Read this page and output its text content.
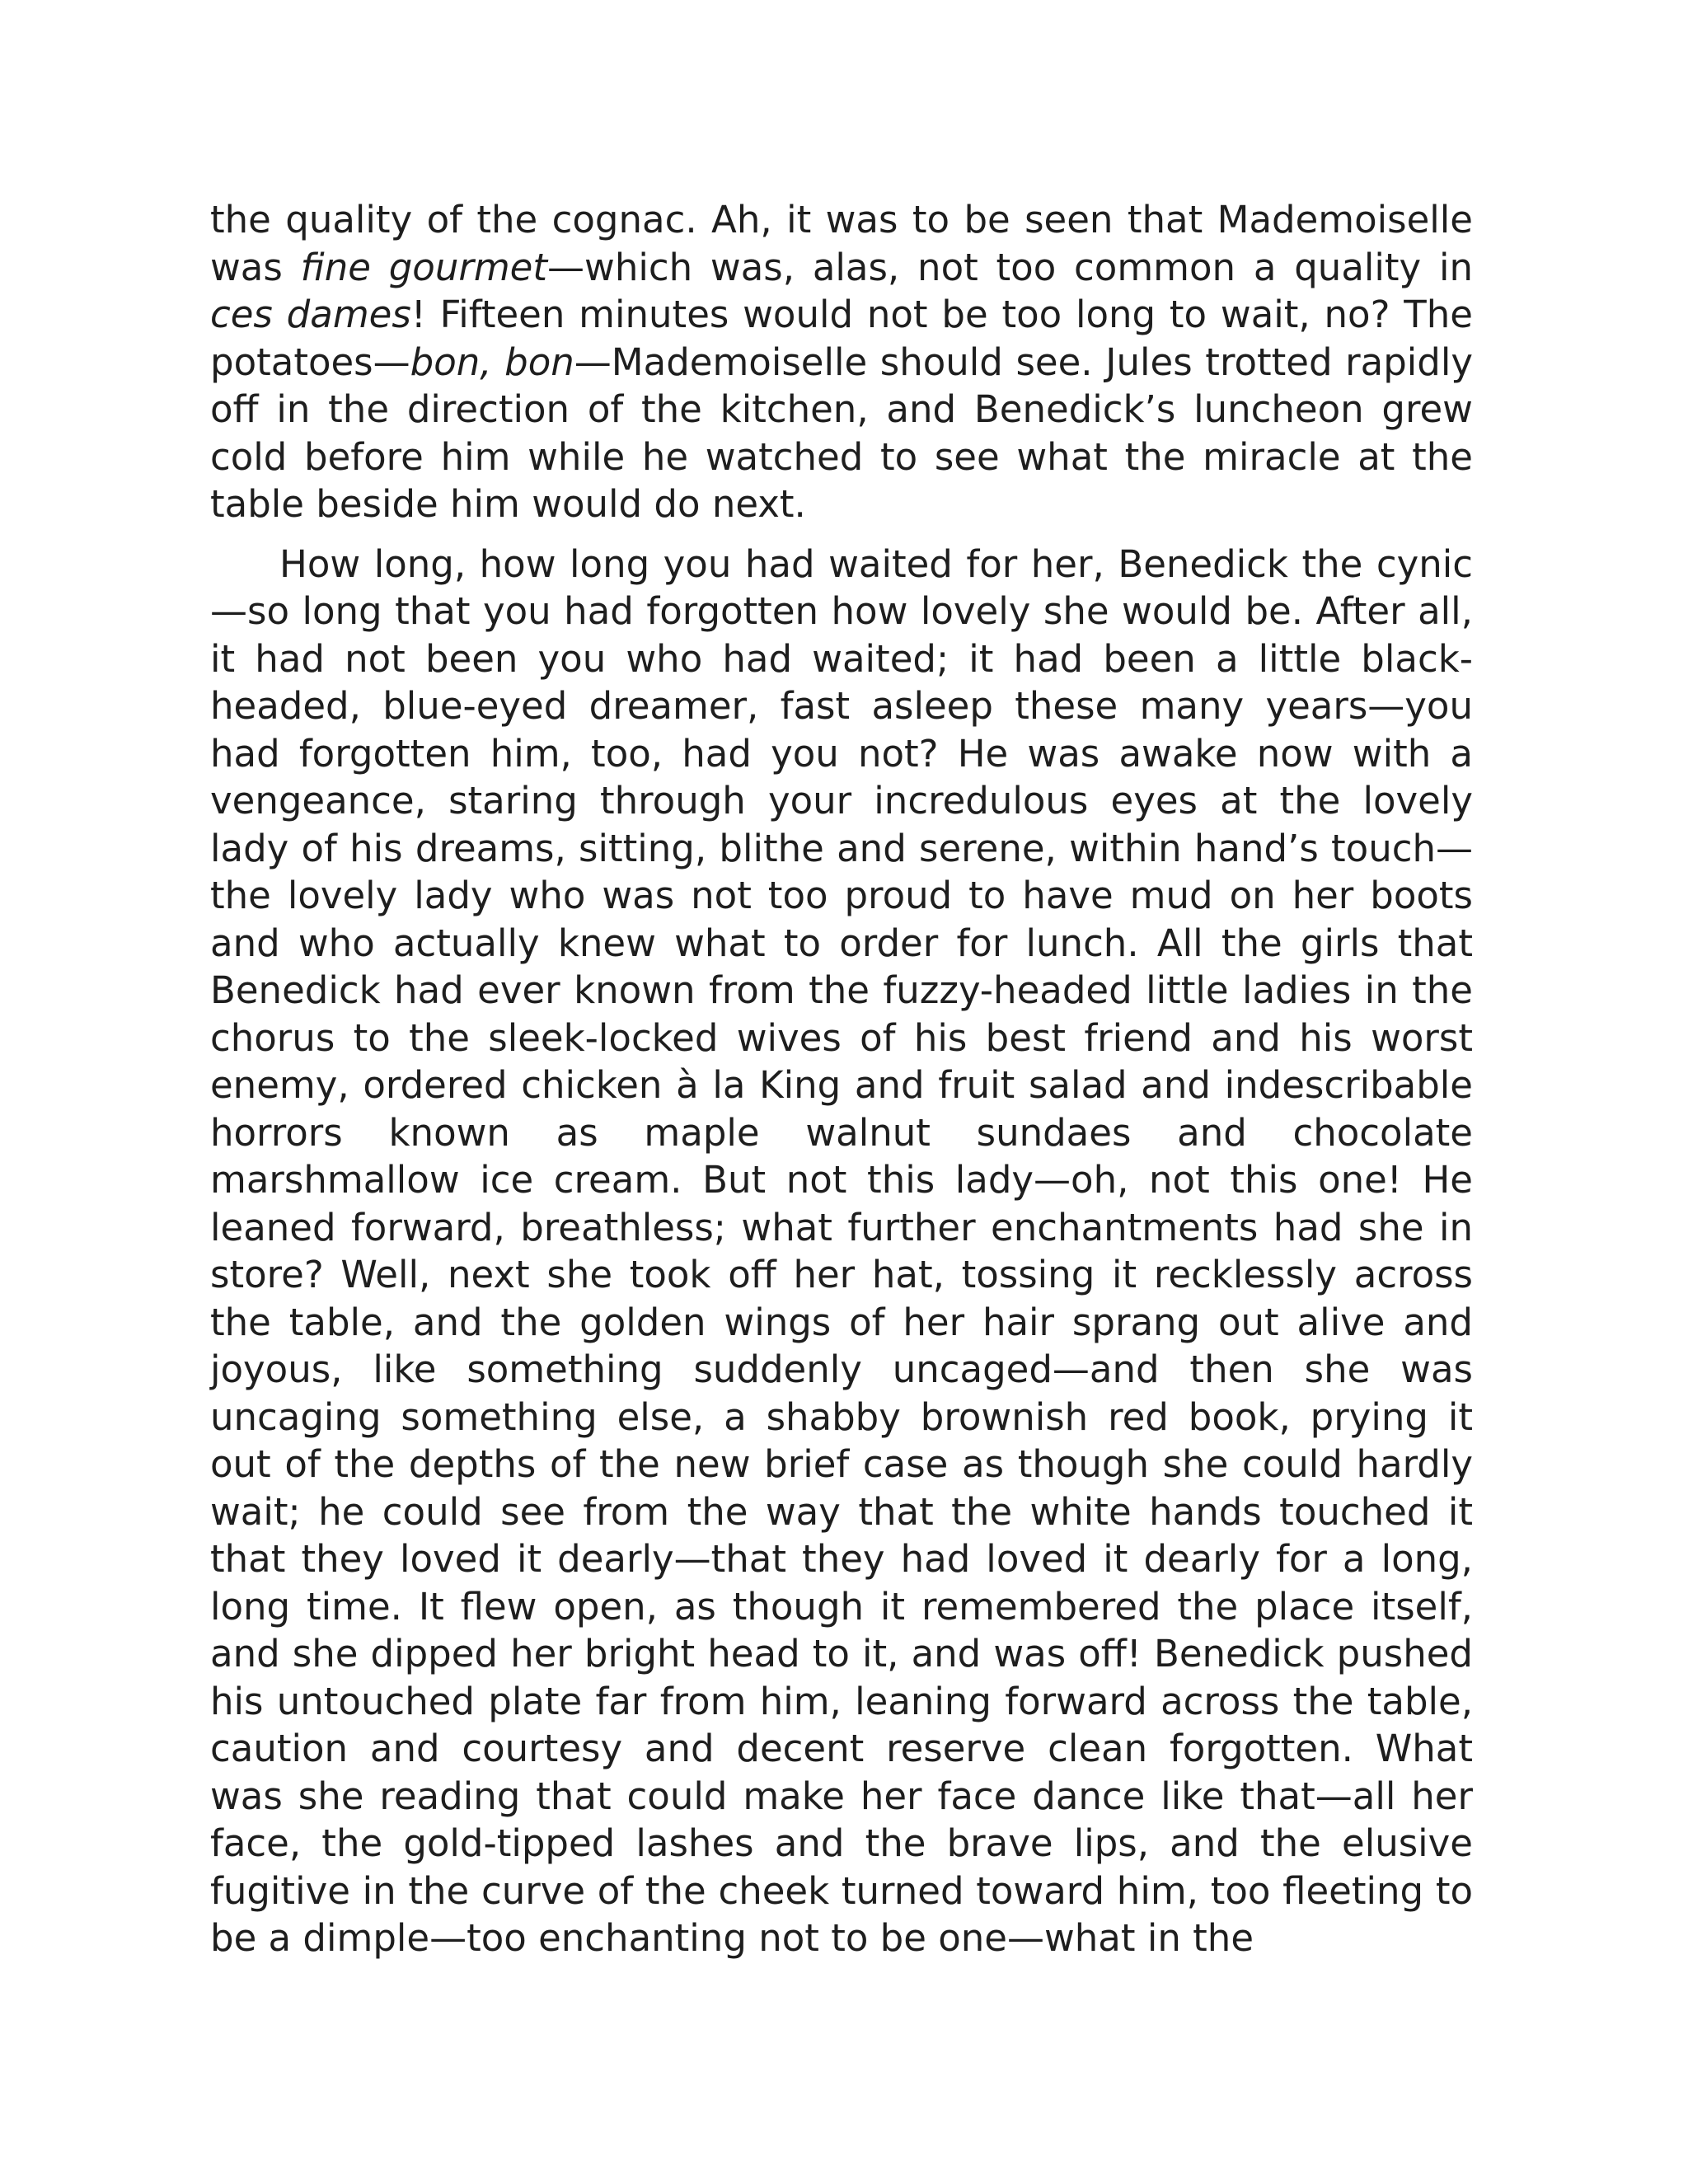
the quality of the cognac. Ah, it was to be seen that Mademoiselle was fine gourmet—which was, alas, not too common a quality in ces dames! Fifteen minutes would not be too long to wait, no? The potatoes—bon, bon—Mademoiselle should see. Jules trotted rapidly off in the direction of the kitchen, and Benedick’s luncheon grew cold before him while he watched to see what the miracle at the table beside him would do next.

How long, how long you had waited for her, Benedick the cynic—so long that you had forgotten how lovely she would be. After all, it had not been you who had waited; it had been a little black-headed, blue-eyed dreamer, fast asleep these many years—you had forgotten him, too, had you not? He was awake now with a vengeance, staring through your incredulous eyes at the lovely lady of his dreams, sitting, blithe and serene, within hand’s touch—the lovely lady who was not too proud to have mud on her boots and who actually knew what to order for lunch. All the girls that Benedick had ever known from the fuzzy-headed little ladies in the chorus to the sleek-locked wives of his best friend and his worst enemy, ordered chicken à la King and fruit salad and indescribable horrors known as maple walnut sundaes and chocolate marshmallow ice cream. But not this lady—oh, not this one! He leaned forward, breathless; what further enchantments had she in store? Well, next she took off her hat, tossing it recklessly across the table, and the golden wings of her hair sprang out alive and joyous, like something suddenly uncaged—and then she was uncaging something else, a shabby brownish red book, prying it out of the depths of the new brief case as though she could hardly wait; he could see from the way that the white hands touched it that they loved it dearly—that they had loved it dearly for a long, long time. It flew open, as though it remembered the place itself, and she dipped her bright head to it, and was off! Benedick pushed his untouched plate far from him, leaning forward across the table, caution and courtesy and decent reserve clean forgotten. What was she reading that could make her face dance like that—all her face, the gold-tipped lashes and the brave lips, and the elusive fugitive in the curve of the cheek turned toward him, too fleeting to be a dimple—too enchanting not to be one—what in the
